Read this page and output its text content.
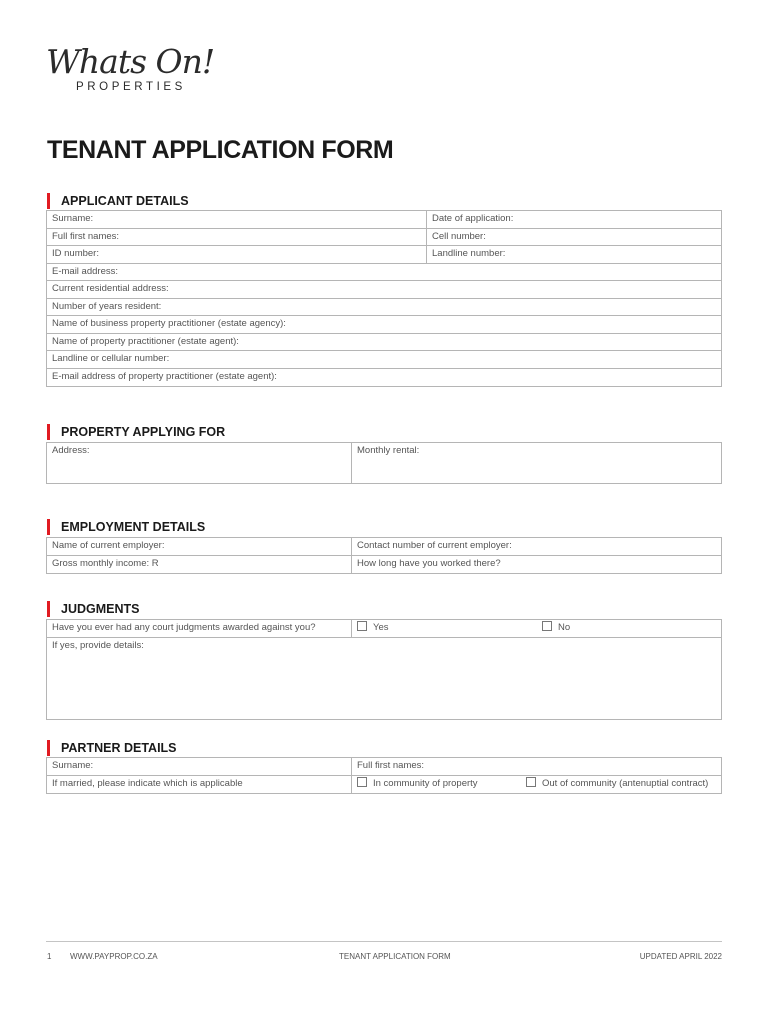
Whats On!
PROPERTIES
TENANT APPLICATION FORM
APPLICANT DETAILS
Surname:	Date of application:
Full first names:	Cell number:
ID number:	Landline number:
E-mail address:
Current residential address:
Number of years resident:
Name of business property practitioner (estate agency):
Name of property practitioner (estate agent):
Landline or cellular number:
E-mail address of property practitioner (estate agent):
PROPERTY APPLYING FOR
Address:	Monthly rental:
EMPLOYMENT DETAILS
Name of current employer:	Contact number of current employer:
Gross monthly income: R	How long have you worked there?
JUDGMENTS
Have you ever had any court judgments awarded against you?	Yes	No
If yes, provide details:
PARTNER DETAILS
Surname:	Full first names:
If married, please indicate which is applicable	In community of property	Out of community (antenuptial contract)
1 WWW.PAYPROP.CO.ZA	TENANT APPLICATION FORM	UPDATED APRIL 2022
